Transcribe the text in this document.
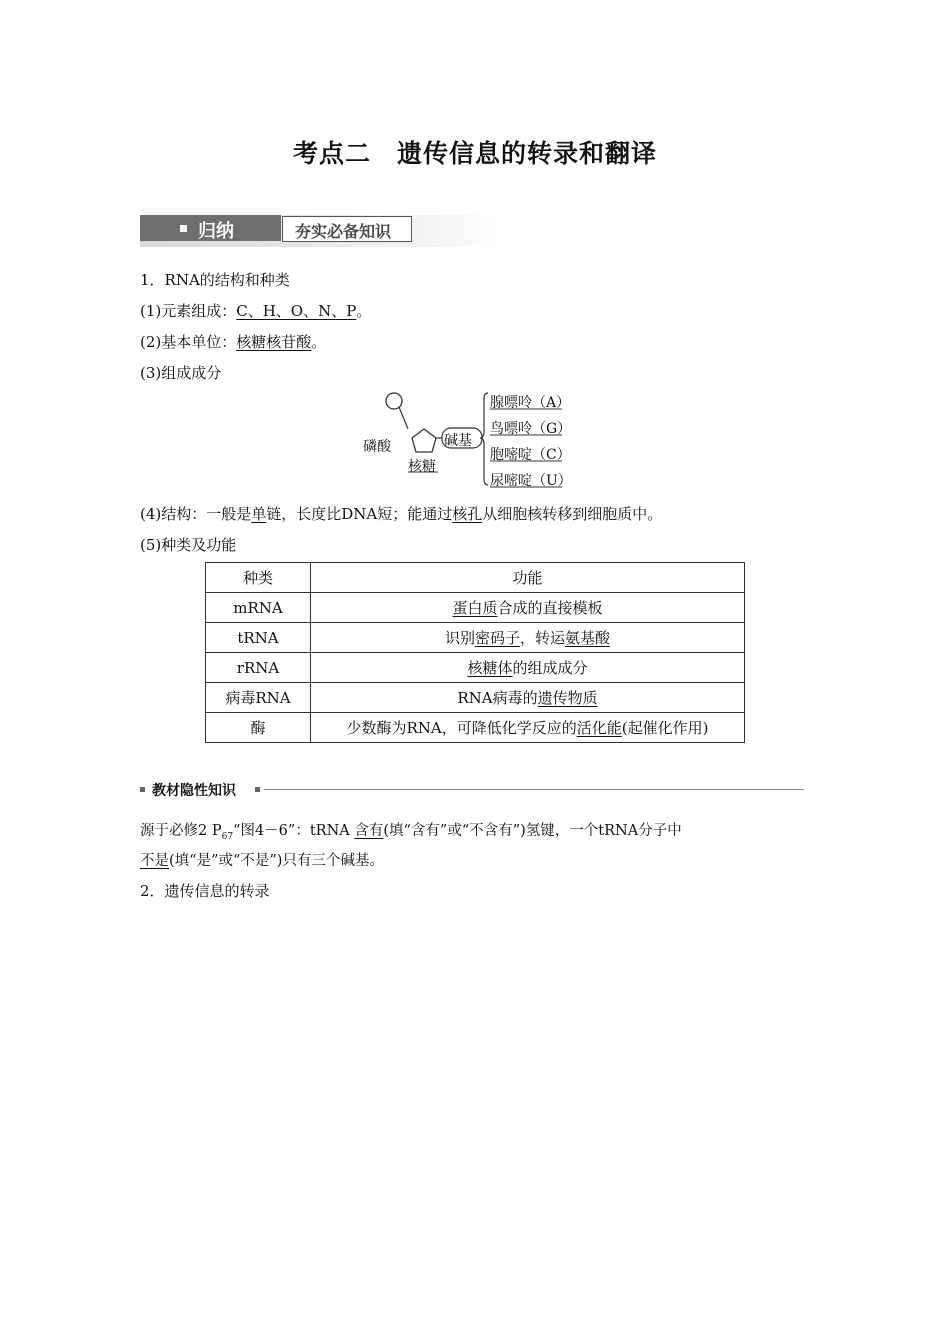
考点二　遗传信息的转录和翻译
归纳	夯实必备知识
1．RNA的结构和种类
(1)元素组成：C、H、O、N、P。
(2)基本单位：核糖核苷酸。
(3)组成成分
磷酸
核糖
碱基
腺嘌呤（A）
鸟嘌呤（G）
胞嘧啶（C）
尿嘧啶（U）
(4)结构：一般是单链，长度比DNA短；能通过核孔从细胞核转移到细胞质中。
(5)种类及功能
种类	功能
mRNA	蛋白质合成的直接模板
tRNA	识别密码子，转运氨基酸
rRNA	核糖体的组成成分
病毒RNA	RNA病毒的遗传物质
酶	少数酶为RNA，可降低化学反应的活化能(起催化作用)
教材隐性知识
源于必修2 $P_{67}“$图4－6”：tRNA 含有(填“含有”或“不含有”)氢键，一个tRNA分子中
不是(填“是”或“不是”)只有三个碱基。
2．遗传信息的转录
